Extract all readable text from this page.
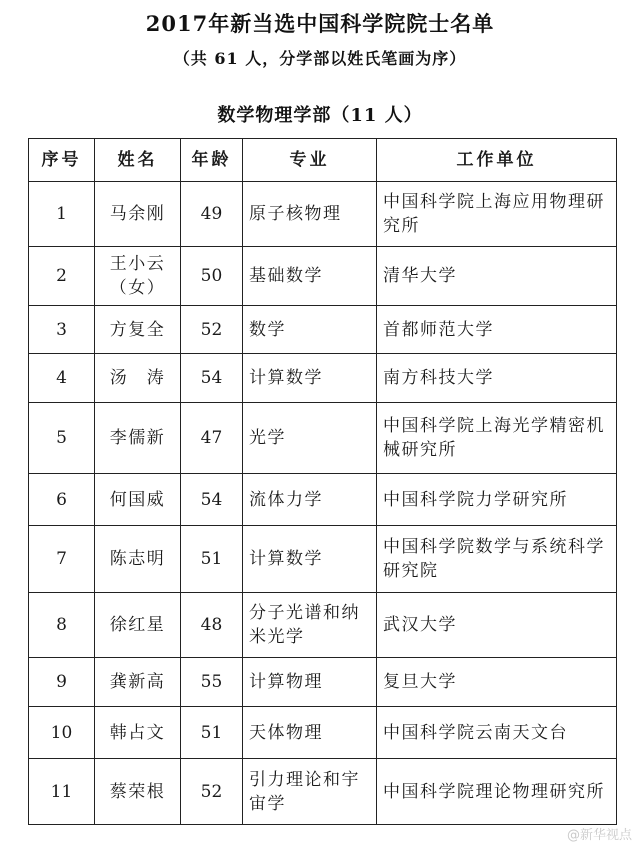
2017年新当选中国科学院院士名单
（共 61 人，分学部以姓氏笔画为序）
数学物理学部（11 人）
序号	姓名	年龄	专业	工作单位
1	马余刚	49	原子核物理	中国科学院上海应用物理研究所
2	王小云（女）	50	基础数学	清华大学
3	方复全	52	数学	首都师范大学
4	汤　涛	54	计算数学	南方科技大学
5	李儒新	47	光学	中国科学院上海光学精密机械研究所
6	何国威	54	流体力学	中国科学院力学研究所
7	陈志明	51	计算数学	中国科学院数学与系统科学研究院
8	徐红星	48	分子光谱和纳米光学	武汉大学
9	龚新高	55	计算物理	复旦大学
10	韩占文	51	天体物理	中国科学院云南天文台
11	蔡荣根	52	引力理论和宇宙学	中国科学院理论物理研究所
@新华视点
